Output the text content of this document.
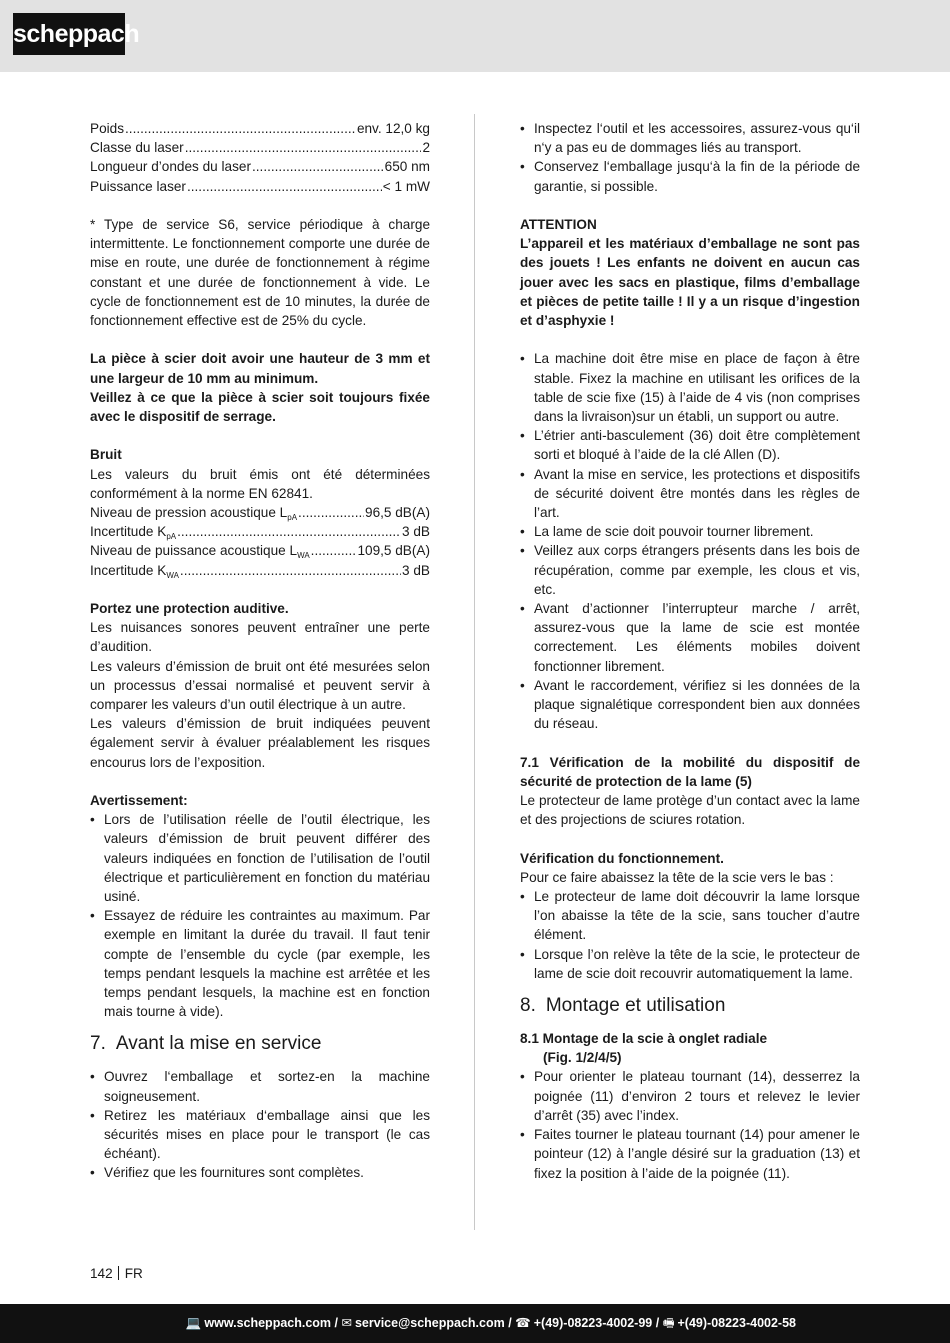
scheppach
Poids .....	env. 12,0 kg
Classe du laser .....	2
Longueur d’ondes du laser .....	650 nm
Puissance laser .....	< 1 mW

* Type de service S6, service périodique à charge intermittente. Le fonctionnement comporte une durée de mise en route, une durée de fonctionnement à régime constant et une durée de fonctionnement à vide. Le cycle de fonctionnement est de 10 minutes, la durée de fonctionnement effective est de 25% du cycle.

La pièce à scier doit avoir une hauteur de 3 mm et une largeur de 10 mm au minimum.

Veillez à ce que la pièce à scier soit toujours fixée avec le dispositif de serrage.

Bruit

Les valeurs du bruit émis ont été déterminées conformément à la norme EN 62841.

Niveau de pression acoustique $L_{pA}$ .....	96,5 dB(A)
Incertitude $K_{pA}$ .....	3 dB
Niveau de puissance acoustique $L_{WA}$ .....	109,5 dB(A)
Incertitude $K_{WA}$ .....	3 dB

Portez une protection auditive.

Les nuisances sonores peuvent entraîner une perte d’audition.

Les valeurs d’émission de bruit ont été mesurées selon un processus d’essai normalisé et peuvent servir à comparer les valeurs d’un outil électrique à un autre.

Les valeurs d’émission de bruit indiquées peuvent également servir à évaluer préalablement les risques encourus lors de l’exposition.

Avertissement:

• Lors de l’utilisation réelle de l’outil électrique, les valeurs d’émission de bruit peuvent différer des valeurs indiquées en fonction de l’utilisation de l’outil électrique et particulièrement en fonction du matériau usiné.
• Essayez de réduire les contraintes au maximum. Par exemple en limitant la durée du travail. Il faut tenir compte de l’ensemble du cycle (par exemple, les temps pendant lesquels la machine est arrêtée et les temps pendant lesquels, la machine est en fonction mais tourne à vide).
7. Avant la mise en service
• Ouvrez l‘emballage et sortez-en la machine soigneusement.
• Retirez les matériaux d‘emballage ainsi que les sécurités mises en place pour le transport (le cas échéant).
• Vérifiez que les fournitures sont complètes.
• Inspectez l‘outil et les accessoires, assurez-vous qu‘il n‘y a pas eu de dommages liés au transport.
• Conservez l‘emballage jusqu‘à la fin de la période de garantie, si possible.

ATTENTION

L’appareil et les matériaux d’emballage ne sont pas des jouets ! Les enfants ne doivent en aucun cas jouer avec les sacs en plastique, films d’emballage et pièces de petite taille ! Il y a un risque d’ingestion et d’asphyxie !

• La machine doit être mise en place de façon à être stable. Fixez la machine en utilisant les orifices de la table de scie fixe (15) à l’aide de 4 vis (non comprises dans la livraison)sur un établi, un support ou autre.
• L’étrier anti-basculement (36) doit être complètement sorti et bloqué à l’aide de la clé Allen (D).
• Avant la mise en service, les protections et dispositifs de sécurité doivent être montés dans les règles de l’art.
• La lame de scie doit pouvoir tourner librement.
• Veillez aux corps étrangers présents dans les bois de récupération, comme par exemple, les clous et vis, etc.
• Avant d’actionner l’interrupteur marche / arrêt, assurez-vous que la lame de scie est montée correctement. Les éléments mobiles doivent fonctionner librement.
• Avant le raccordement, vérifiez si les données de la plaque signalétique correspondent bien aux données du réseau.

7.1 Vérification de la mobilité du dispositif de sécurité de protection de la lame (5)

Le protecteur de lame protège d’un contact avec la lame et des projections de sciures rotation.

Vérification du fonctionnement.

Pour ce faire abaissez la tête de la scie vers le bas :

• Le protecteur de lame doit découvrir la lame lorsque l’on abaisse la tête de la scie, sans toucher d’autre élément.
• Lorsque l’on relève la tête de la scie, le protecteur de lame de scie doit recouvrir automatiquement la lame.
8. Montage et utilisation

8.1 Montage de la scie à onglet radiale

(Fig. 1/2/4/5)

• Pour orienter le plateau tournant (14), desserrez la poignée (11) d’environ 2 tours et relevez le levier d’arrêt (35) avec l’index.
• Faites tourner le plateau tournant (14) pour amener le pointeur (12) à l’angle désiré sur la graduation (13) et fixez la position à l’aide de la poignée (11).
142 FR
💻 www.scheppach.com / ✉ service@scheppach.com / ☎ +(49)-08223-4002-99 / 🖷 +(49)-08223-4002-58
